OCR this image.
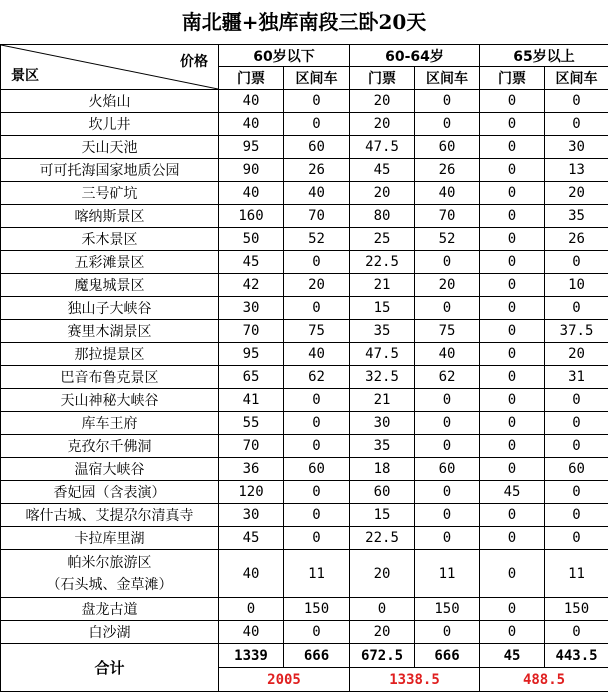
南北疆+独库南段三卧20天
价格
景区	60岁以下		60-64岁		65岁以上	
	门票	区间车	门票	区间车	门票	区间车
火焰山	40	0	20	0	0	0
坎儿井	40	0	20	0	0	0
天山天池	95	60	47.5	60	0	30
可可托海国家地质公园	90	26	45	26	0	13
三号矿坑	40	40	20	40	0	20
喀纳斯景区	160	70	80	70	0	35
禾木景区	50	52	25	52	0	26
五彩滩景区	45	0	22.5	0	0	0
魔鬼城景区	42	20	21	20	0	10
独山子大峡谷	30	0	15	0	0	0
赛里木湖景区	70	75	35	75	0	37.5
那拉提景区	95	40	47.5	40	0	20
巴音布鲁克景区	65	62	32.5	62	0	31
天山神秘大峡谷	41	0	21	0	0	0
库车王府	55	0	30	0	0	0
克孜尔千佛洞	70	0	35	0	0	0
温宿大峡谷	36	60	18	60	0	60
香妃园（含表演）	120	0	60	0	45	0
喀什古城、艾提尕尔清真寺	30	0	15	0	0	0
卡拉库里湖	45	0	22.5	0	0	0
帕米尔旅游区
（石头城、金草滩）	40	11	20	11	0	11
盘龙古道	0	150	0	150	0	150
白沙湖	40	0	20	0	0	0
合计	1339	666	672.5	666	45	443.5
	2005		1338.5		488.5	
